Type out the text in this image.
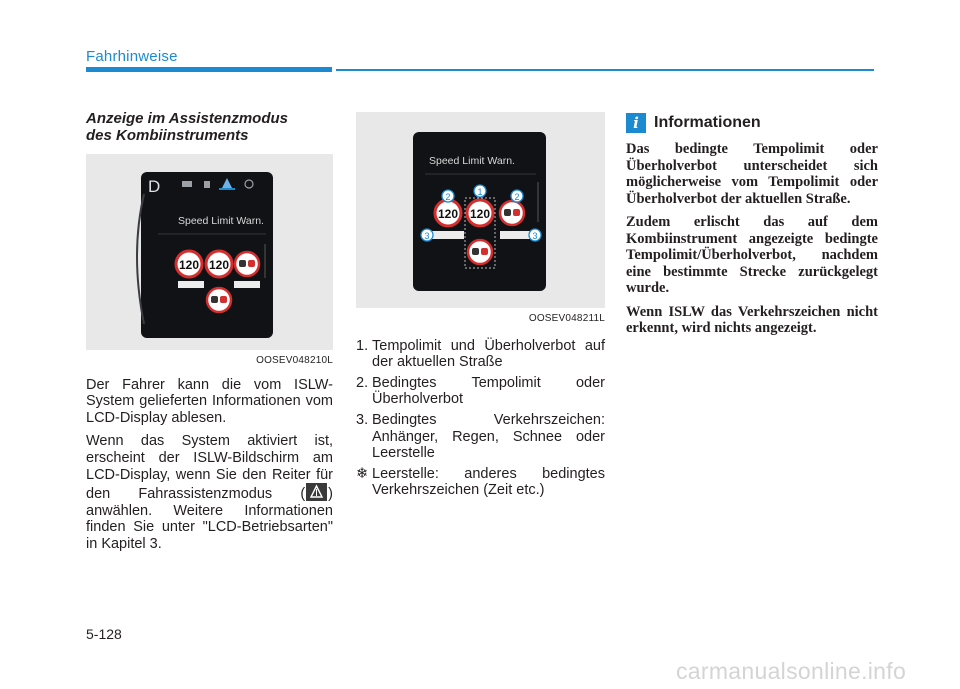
Fahrhinweise
Anzeige im Assistenzmodus des Kombiinstruments
D
Speed Limit Warn.
120 120
OOSEV048210L

Der Fahrer kann die vom ISLW-System gelieferten Informationen vom LCD-Display ablesen.

Wenn das System aktiviert ist, erscheint der ISLW-Bildschirm am LCD-Display, wenn Sie den Reiter für den Fahrassistenzmodus ( ) anwählen. Weitere Informationen finden Sie unter "LCD-Betriebsarten" in Kapitel 3.

Speed Limit Warn.
120 120
1
2	2
3	3
OOSEV048211L
1. Tempolimit und Überholverbot auf der aktuellen Straße
2. Bedingtes Tempolimit oder Überholverbot
3. Bedingtes Verkehrszeichen: Anhänger, Regen, Schnee oder Leerstelle
❄ Leerstelle: anderes bedingtes Verkehrszeichen (Zeit etc.)
i Informationen

Das bedingte Tempolimit oder Überholverbot unterscheidet sich möglicherweise vom Tempolimit oder Überholverbot der aktuellen Straße.

Zudem erlischt das auf dem Kombiinstrument angezeigte bedingte Tempolimit/Überholverbot, nachdem eine bestimmte Strecke zurückgelegt wurde.

Wenn ISLW das Verkehrszeichen nicht erkennt, wird nichts angezeigt.

5-128
carmanualsonline.info
